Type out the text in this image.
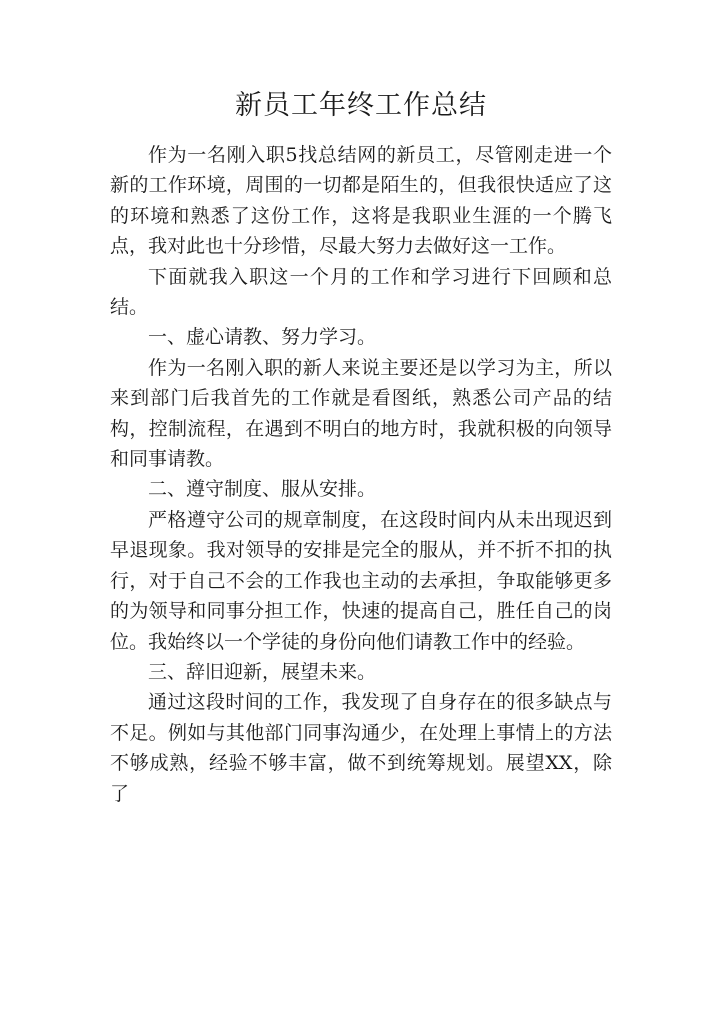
新员工年终工作总结

作为一名刚入职5找总结网的新员工，尽管刚走进一个新的工作环境，周围的一切都是陌生的，但我很快适应了这的环境和熟悉了这份工作，这将是我职业生涯的一个腾飞点，我对此也十分珍惜，尽最大努力去做好这一工作。

下面就我入职这一个月的工作和学习进行下回顾和总结。

一、虚心请教、努力学习。

作为一名刚入职的新人来说主要还是以学习为主，所以来到部门后我首先的工作就是看图纸，熟悉公司产品的结构，控制流程，在遇到不明白的地方时，我就积极的向领导和同事请教。

二、遵守制度、服从安排。

严格遵守公司的规章制度，在这段时间内从未出现迟到早退现象。我对领导的安排是完全的服从，并不折不扣的执行，对于自己不会的工作我也主动的去承担，争取能够更多的为领导和同事分担工作，快速的提高自己，胜任自己的岗位。我始终以一个学徒的身份向他们请教工作中的经验。

三、辞旧迎新，展望未来。

通过这段时间的工作，我发现了自身存在的很多缺点与不足。例如与其他部门同事沟通少，在处理上事情上的方法不够成熟，经验不够丰富，做不到统筹规划。展望XX，除了
